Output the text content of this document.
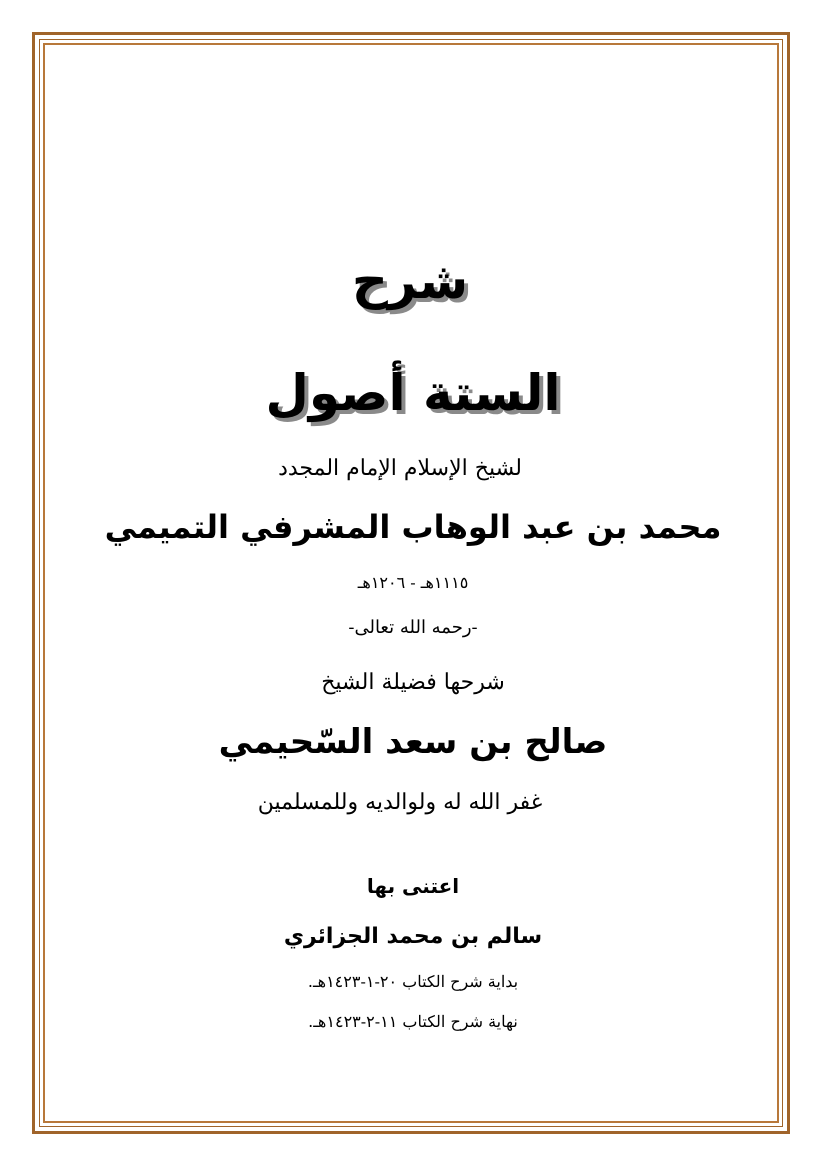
شرح
الستة أصول
لشيخ الإسلام الإمام المجدد
محمد بن عبد الوهاب المشرفي التميمي
١١١٥هـ - ١٢٠٦هـ
-رحمه الله تعالى-
شرحها فضيلة الشيخ
صالح بن سعد السّحيمي
غفر الله له ولوالديه وللمسلمين
اعتنى بها
سالم بن محمد الجزائري
بداية شرح الكتاب ٢٠-١-١٤٢٣هـ.
نهاية شرح الكتاب ١١-٢-١٤٢٣هـ.
